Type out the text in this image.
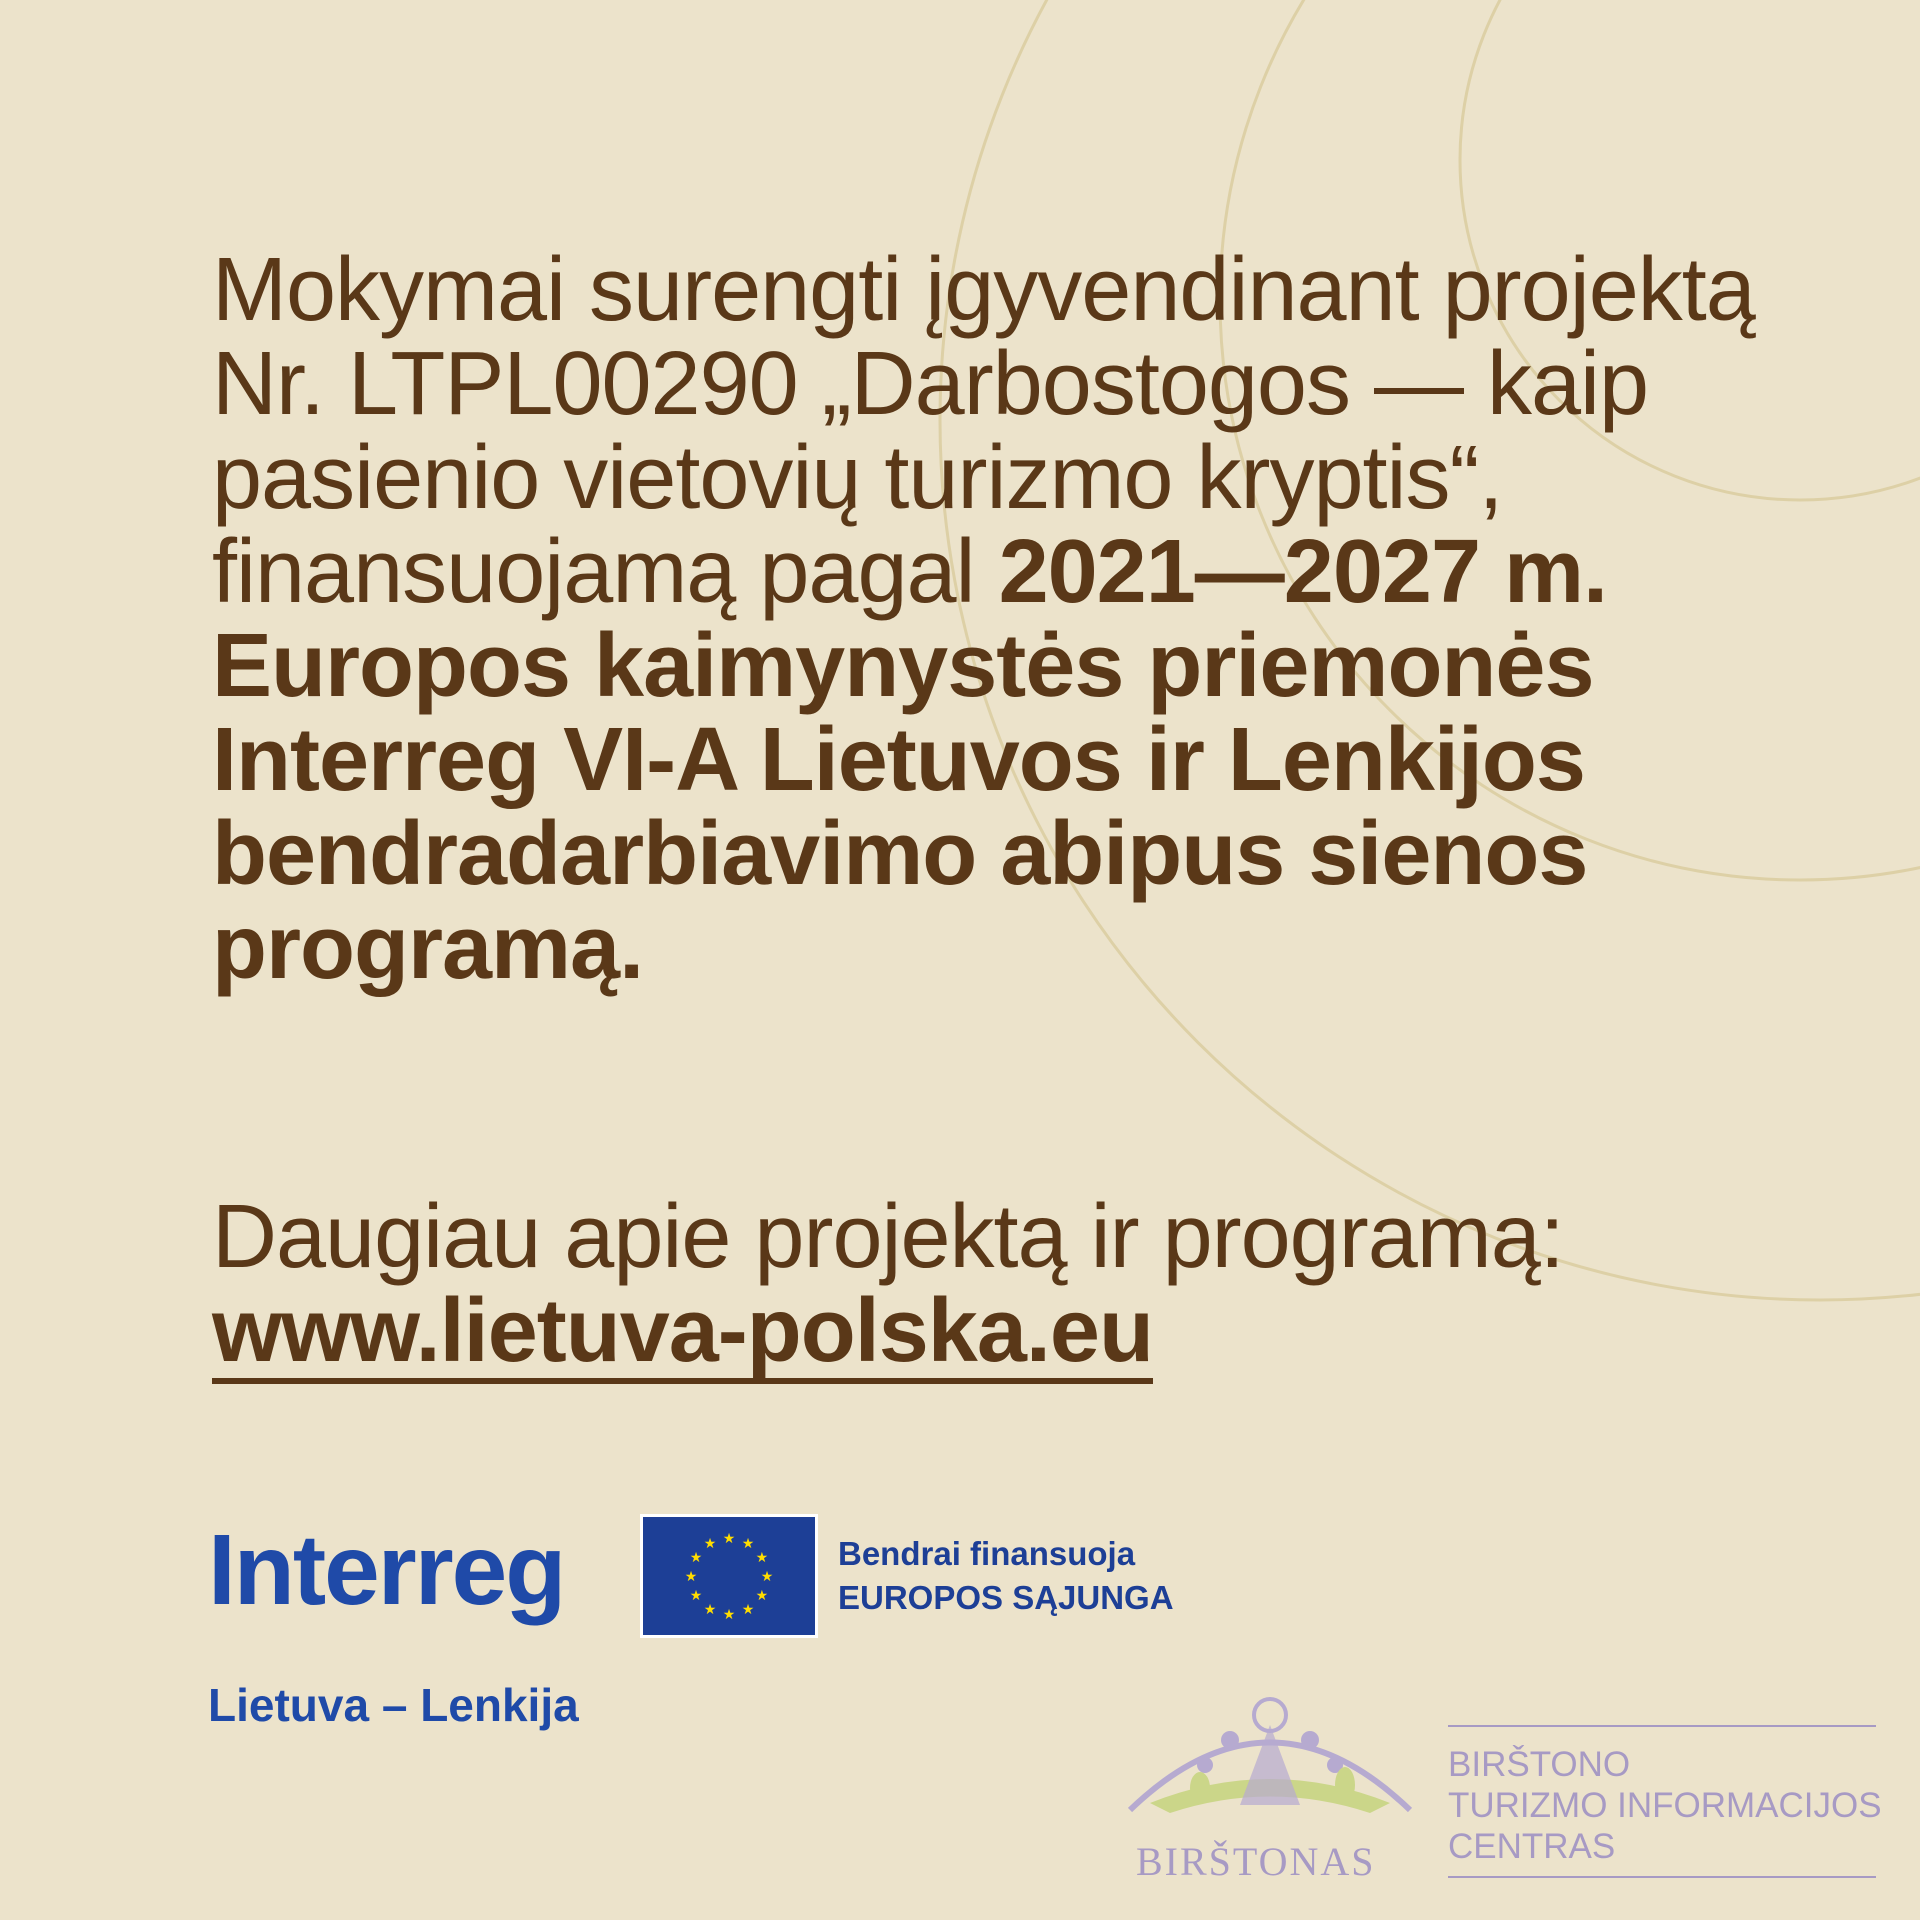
Mokymai surengti įgyvendinant projektą Nr. LTPL00290 „Darbostogos — kaip pasienio vietovių turizmo kryptis“, finansuojamą pagal 2021—2027 m. Europos kaimynystės priemonės Interreg VI-A Lietuvos ir Lenkijos bendradarbiavimo abipus sienos programą.
Daugiau apie projektą ir programą:
www.lietuva-polska.eu
Interreg
Lietuva – Lenkija
★ ★
★
★
★
★
★
★
★
★
★
★	Bendrai finansuoja
EUROPOS SĄJUNGA
BIRŠTONAS
BIRŠTONO
TURIZMO INFORMACIJOS
CENTRAS
